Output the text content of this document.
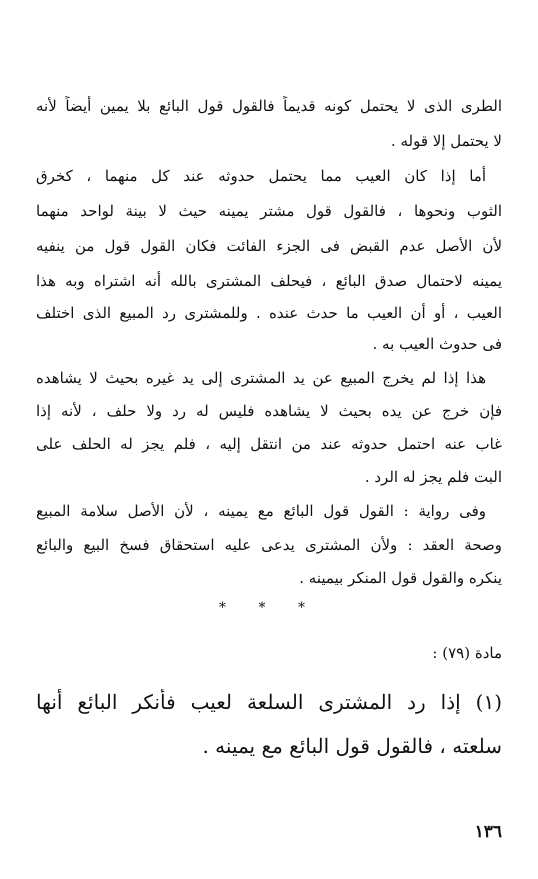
الطرى الذى لا يحتمل كونه قديماً فالقول قول البائع بلا يمين أيضاً لأنه
لا يحتمل إلا قوله .
أما إذا كان العيب مما يحتمل حدوثه عند كل منهما ، كخرق
الثوب ونحوها ، فالقول قول مشتر يمينه حيث لا بينة لواحد منهما
لأن الأصل عدم القبض فى الجزء الفائت فكان القول قول من ينفيه
يمينه لاحتمال صدق البائع ، فيحلف المشترى بالله أنه اشتراه وبه هذا
العيب ، أو أن العيب ما حدث عنده . وللمشترى رد المبيع الذى اختلف
فى حدوث العيب به .
هذا إذا لم يخرج المبيع عن يد المشترى إلى يد غيره بحيث لا يشاهده
فإن خرج عن يده بحيث لا يشاهده فليس له رد ولا حلف ، لأنه إذا
غاب عنه احتمل حدوثه عند من انتقل إليه ، فلم يجز له الحلف على
البت فلم يجز له الرد .
وفى رواية : القول قول البائع مع يمينه ، لأن الأصل سلامة المبيع
وصحة العقد : ولأن المشترى يدعى عليه استحقاق فسخ البيع والبائع
ينكره والقول قول المنكر بيمينه .
* * *
مادة (٧٩) :
(١) إذا رد المشترى السلعة لعيب فأنكر البائع أنها
سلعته ، فالقول قول البائع مع يمينه .
١٣٦
